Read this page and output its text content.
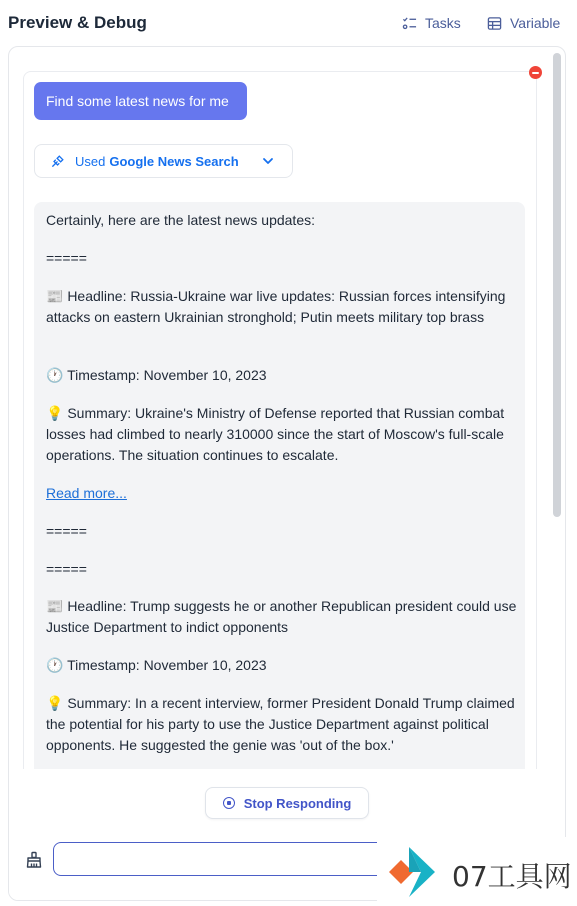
Preview & Debug	Tasks	Variable
Find some latest news for me
Used Google News Search

Certainly, here are the latest news updates:

=====

📰 Headline: Russia-Ukraine war live updates: Russian forces intensifying attacks on eastern Ukrainian stronghold; Putin meets military top brass

🕐 Timestamp: November 10, 2023

💡 Summary: Ukraine's Ministry of Defense reported that Russian combat losses had climbed to nearly 310000 since the start of Moscow's full-scale operations. The situation continues to escalate.

Read more...

=====

=====

📰 Headline: Trump suggests he or another Republican president could use Justice Department to indict opponents

🕐 Timestamp: November 10, 2023

💡 Summary: In a recent interview, former President Donald Trump claimed the potential for his party to use the Justice Department against political opponents. He suggested the genie was 'out of the box.'

Stop Responding
07工具网
